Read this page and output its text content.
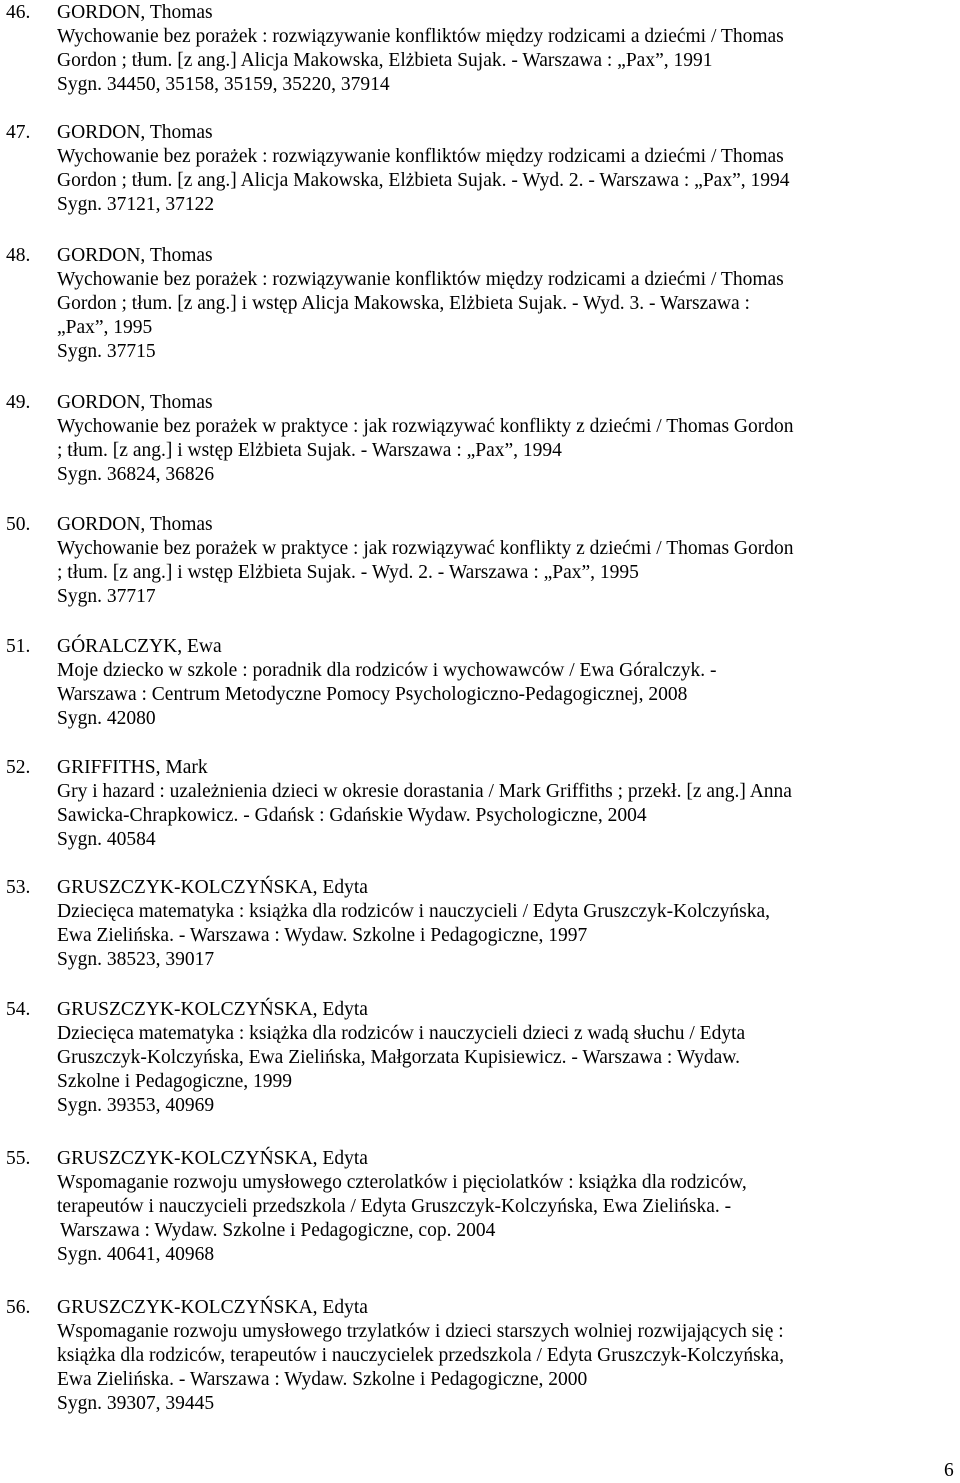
46. GORDON, Thomas
Wychowanie bez porażek : rozwiązywanie konfliktów między rodzicami a dziećmi / Thomas
Gordon ; tłum. [z ang.] Alicja Makowska, Elżbieta Sujak. - Warszawa : „Pax”, 1991
Sygn. 34450, 35158, 35159, 35220, 37914
47. GORDON, Thomas
Wychowanie bez porażek : rozwiązywanie konfliktów między rodzicami a dziećmi / Thomas
Gordon ; tłum. [z ang.] Alicja Makowska, Elżbieta Sujak. - Wyd. 2. - Warszawa : „Pax”, 1994
Sygn. 37121, 37122
48. GORDON, Thomas
Wychowanie bez porażek : rozwiązywanie konfliktów między rodzicami a dziećmi / Thomas
Gordon ; tłum. [z ang.] i wstęp Alicja Makowska, Elżbieta Sujak. - Wyd. 3. - Warszawa :
„Pax”, 1995
Sygn. 37715
49. GORDON, Thomas
Wychowanie bez porażek w praktyce : jak rozwiązywać konflikty z dziećmi / Thomas Gordon
; tłum. [z ang.] i wstęp Elżbieta Sujak. - Warszawa : „Pax”, 1994
Sygn. 36824, 36826
50. GORDON, Thomas
Wychowanie bez porażek w praktyce : jak rozwiązywać konflikty z dziećmi / Thomas Gordon
; tłum. [z ang.] i wstęp Elżbieta Sujak. - Wyd. 2. - Warszawa : „Pax”, 1995
Sygn. 37717
51. GÓRALCZYK, Ewa
Moje dziecko w szkole : poradnik dla rodziców i wychowawców / Ewa Góralczyk. -
Warszawa : Centrum Metodyczne Pomocy Psychologiczno-Pedagogicznej, 2008
Sygn. 42080
52. GRIFFITHS, Mark
Gry i hazard : uzależnienia dzieci w okresie dorastania / Mark Griffiths ; przekł. [z ang.] Anna
Sawicka-Chrapkowicz. - Gdańsk : Gdańskie Wydaw. Psychologiczne, 2004
Sygn. 40584
53. GRUSZCZYK-KOLCZYŃSKA, Edyta
Dziecięca matematyka : książka dla rodziców i nauczycieli / Edyta Gruszczyk-Kolczyńska,
Ewa Zielińska. - Warszawa : Wydaw. Szkolne i Pedagogiczne, 1997
Sygn. 38523, 39017
54. GRUSZCZYK-KOLCZYŃSKA, Edyta
Dziecięca matematyka : książka dla rodziców i nauczycieli dzieci z wadą słuchu / Edyta
Gruszczyk-Kolczyńska, Ewa Zielińska, Małgorzata Kupisiewicz. - Warszawa : Wydaw.
Szkolne i Pedagogiczne, 1999
Sygn. 39353, 40969
55. GRUSZCZYK-KOLCZYŃSKA, Edyta
Wspomaganie rozwoju umysłowego czterolatków i pięciolatków : książka dla rodziców,
terapeutów i nauczycieli przedszkola / Edyta Gruszczyk-Kolczyńska, Ewa Zielińska. -
Warszawa : Wydaw. Szkolne i Pedagogiczne, cop. 2004
Sygn. 40641, 40968
56. GRUSZCZYK-KOLCZYŃSKA, Edyta
Wspomaganie rozwoju umysłowego trzylatków i dzieci starszych wolniej rozwijających się :
książka dla rodziców, terapeutów i nauczycielek przedszkola / Edyta Gruszczyk-Kolczyńska,
Ewa Zielińska. - Warszawa : Wydaw. Szkolne i Pedagogiczne, 2000
Sygn. 39307, 39445
6
